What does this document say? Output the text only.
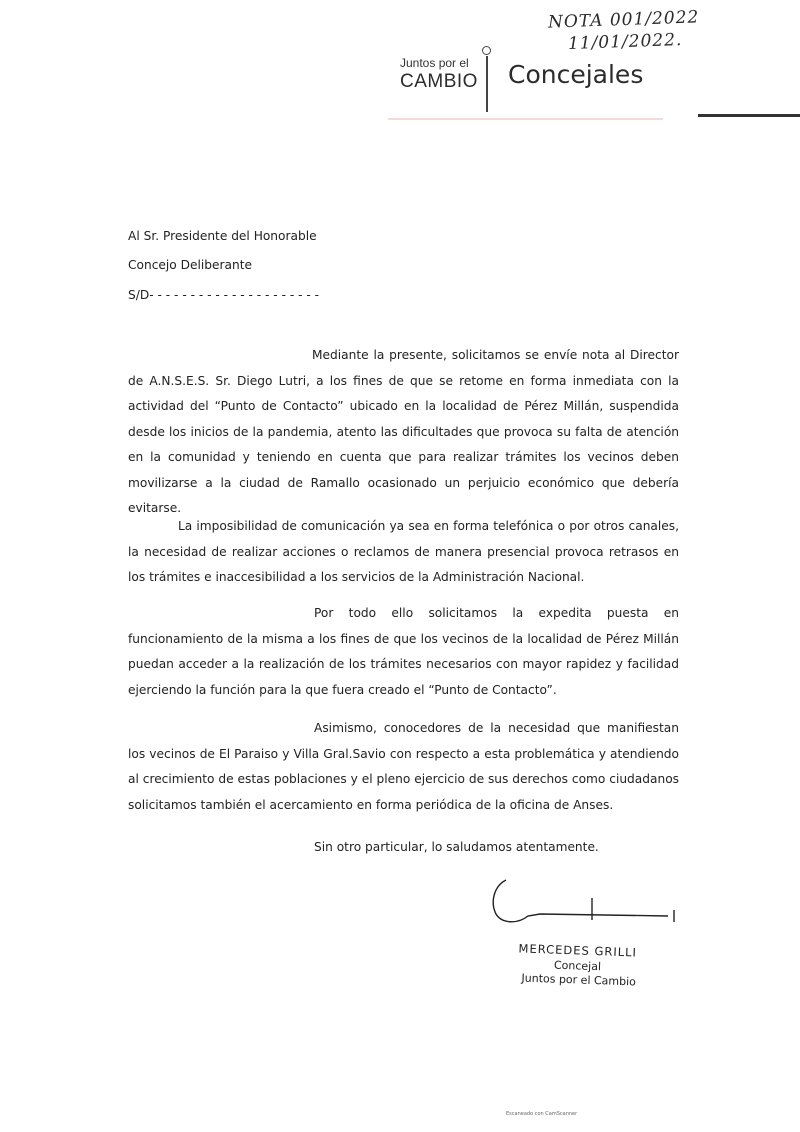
NOTA 001/2022
11/01/2022.
Juntos por el
CAMBIO Concejales
Al Sr. Presidente del Honorable
Concejo Deliberante
S/D- - - - - - - - - - - - - - - - - - - - -
Mediante la presente, solicitamos se envíe nota al Director de A.N.S.E.S. Sr. Diego Lutri, a los fines de que se retome en forma inmediata con la actividad del “Punto de Contacto” ubicado en la localidad de Pérez Millán, suspendida desde los inicios de la pandemia, atento las dificultades que provoca su falta de atención en la comunidad y teniendo en cuenta que para realizar trámites los vecinos deben movilizarse a la ciudad de Ramallo ocasionado un perjuicio económico que debería evitarse.
La imposibilidad de comunicación ya sea en forma telefónica o por otros canales, la necesidad de realizar acciones o reclamos de manera presencial provoca retrasos en los trámites e inaccesibilidad a los servicios de la Administración Nacional.
Por todo ello solicitamos la expedita puesta en funcionamiento de la misma a los fines de que los vecinos de la localidad de Pérez Millán puedan acceder a la realización de los trámites necesarios con mayor rapidez y facilidad ejerciendo la función para la que fuera creado el “Punto de Contacto”.
Asimismo, conocedores de la necesidad que manifiestan los vecinos de El Paraiso y Villa Gral.Savio con respecto a esta problemática y atendiendo al crecimiento de estas poblaciones y el pleno ejercicio de sus derechos como ciudadanos solicitamos también el acercamiento en forma periódica de la oficina de Anses.
Sin otro particular, lo saludamos atentamente.
MERCEDES GRILLI
Concejal
Juntos por el Cambio
Escaneado con CamScanner
